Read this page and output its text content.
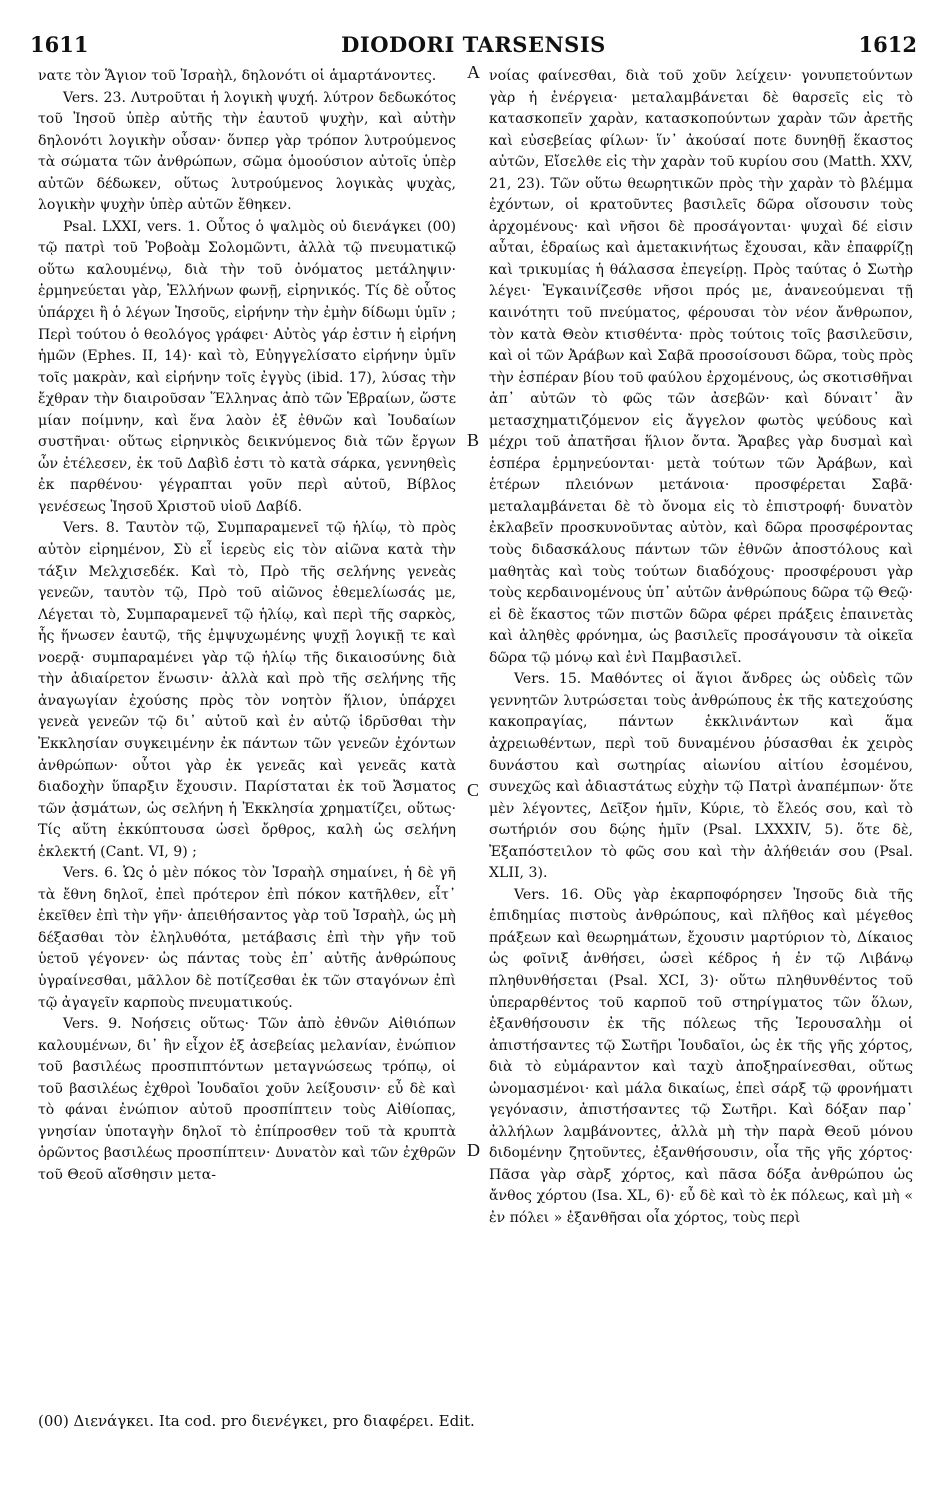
1611	DIODORI TARSENSIS	1612

νατε τὸν Ἅγιον τοῦ Ἰσραὴλ, δηλονότι οἱ ἁμαρτάνοντες.

Vers. 23. Λυτροῦται ἡ λογικὴ ψυχή. λύτρον δεδωκότος τοῦ Ἰησοῦ ὑπὲρ αὐτῆς τὴν ἑαυτοῦ ψυχὴν, καὶ αὐτὴν δηλονότι λογικὴν οὖσαν· ὅνπερ γὰρ τρόπον λυτρούμενος τὰ σώματα τῶν ἀνθρώπων, σῶμα ὁμοούσιον αὐτοῖς ὑπὲρ αὐτῶν δέδωκεν, οὕτως λυτρούμενος λογικὰς ψυχὰς, λογικὴν ψυχὴν ὑπὲρ αὐτῶν ἔθηκεν.

Psal. LXXI, vers. 1. Οὗτος ὁ ψαλμὸς οὐ διενάγκει (00) τῷ πατρὶ τοῦ Ῥοβοὰμ Σολομῶντι, ἀλλὰ τῷ πνευματικῷ οὕτω καλουμένῳ, διὰ τὴν τοῦ ὀνόματος μετάληψιν· ἑρμηνεύεται γὰρ, Ἑλλήνων φωνῇ, εἰρηνικός. Τίς δὲ οὗτος ὑπάρχει ἢ ὁ λέγων Ἰησοῦς, εἰρήνην τὴν ἐμὴν δίδωμι ὑμῖν ; Περὶ τούτου ὁ θεολόγος γράφει· Αὐτὸς γάρ ἐστιν ἡ εἰρήνη ἡμῶν (Ephes. II, 14)· καὶ τὸ, Εὐηγγελίσατο εἰρήνην ὑμῖν τοῖς μακρὰν, καὶ εἰρήνην τοῖς ἐγγὺς (ibid. 17), λύσας τὴν ἔχθραν τὴν διαιροῦσαν Ἕλληνας ἀπὸ τῶν Ἑβραίων, ὥστε μίαν ποίμνην, καὶ ἕνα λαὸν ἐξ ἐθνῶν καὶ Ἰουδαίων συστῆναι· οὕτως εἰρηνικὸς δεικνύμενος διὰ τῶν ἔργων ὧν ἐτέλεσεν, ἐκ τοῦ Δαβὶδ ἐστι τὸ κατὰ σάρκα, γεννηθεὶς ἐκ παρθένου· γέγραπται γοῦν περὶ αὐτοῦ, Βίβλος γενέσεως Ἰησοῦ Χριστοῦ υἱοῦ Δαβίδ.

Vers. 8. Ταυτὸν τῷ, Συμπαραμενεῖ τῷ ἡλίῳ, τὸ πρὸς αὐτὸν εἰρημένον, Σὺ εἶ ἱερεὺς εἰς τὸν αἰῶνα κατὰ τὴν τάξιν Μελχισεδέκ. Καὶ τὸ, Πρὸ τῆς σελήνης γενεὰς γενεῶν, ταυτὸν τῷ, Πρὸ τοῦ αἰῶνος ἐθεμελίωσάς με, Λέγεται τὸ, Συμπαραμενεῖ τῷ ἡλίῳ, καὶ περὶ τῆς σαρκὸς, ἧς ἥνωσεν ἑαυτῷ, τῆς ἐμψυχωμένης ψυχῇ λογικῇ τε καὶ νοερᾷ· συμπαραμένει γὰρ τῷ ἡλίῳ τῆς δικαιοσύνης διὰ τὴν ἀδιαίρετον ἕνωσιν· ἀλλὰ καὶ πρὸ τῆς σελήνης τῆς ἀναγωγίαν ἐχούσης πρὸς τὸν νοητὸν ἥλιον, ὑπάρχει γενεὰ γενεῶν τῷ δι᾿ αὐτοῦ καὶ ἐν αὐτῷ ἱδρῦσθαι τὴν Ἐκκλησίαν συγκειμένην ἐκ πάντων τῶν γενεῶν ἐχόντων ἀνθρώπων· οὗτοι γὰρ ἐκ γενεᾶς καὶ γενεᾶς κατὰ διαδοχὴν ὕπαρξιν ἔχουσιν. Παρίσταται ἐκ τοῦ Ἄσματος τῶν ᾀσμάτων, ὡς σελήνη ἡ Ἐκκλησία χρηματίζει, οὕτως· Τίς αὕτη ἐκκύπτουσα ὡσεὶ ὄρθρος, καλὴ ὡς σελήνη ἐκλεκτή (Cant. VI, 9) ;

Vers. 6. Ὡς ὁ μὲν πόκος τὸν Ἰσραὴλ σημαίνει, ἡ δὲ γῆ τὰ ἔθνη δηλοῖ, ἐπεὶ πρότερον ἐπὶ πόκον κατῆλθεν, εἶτ᾿ ἐκεῖθεν ἐπὶ τὴν γῆν· ἀπειθήσαντος γὰρ τοῦ Ἰσραὴλ, ὡς μὴ δέξασθαι τὸν ἐληλυθότα, μετάβασις ἐπὶ τὴν γῆν τοῦ ὑετοῦ γέγονεν· ὡς πάντας τοὺς ἐπ᾿ αὐτῆς ἀνθρώπους ὑγραίνεσθαι, μᾶλλον δὲ ποτίζεσθαι ἐκ τῶν σταγόνων ἐπὶ τῷ ἀγαγεῖν καρποὺς πνευματικούς.

Vers. 9. Νοήσεις οὕτως· Τῶν ἀπὸ ἐθνῶν Αἰθιόπων καλουμένων, δι᾿ ἣν εἶχον ἐξ ἀσεβείας μελανίαν, ἐνώπιον τοῦ βασιλέως προσπιπτόντων μεταγνώσεως τρόπῳ, οἱ τοῦ βασιλέως ἐχθροὶ Ἰουδαῖοι χοῦν λείξουσιν· εὖ δὲ καὶ τὸ φάναι ἐνώπιον αὐτοῦ προσπίπτειν τοὺς Αἰθίοπας, γνησίαν ὑποταγὴν δηλοῖ τὸ ἐπίπροσθεν τοῦ τὰ κρυπτὰ ὁρῶντος βασιλέως προσπίπτειν· Δυνατὸν καὶ τῶν ἐχθρῶν τοῦ Θεοῦ αἴσθησιν μετα-

A
B
C
D

νοίας φαίνεσθαι, διὰ τοῦ χοῦν λείχειν· γονυπετούντων γὰρ ἡ ἐνέργεια· μεταλαμβάνεται δὲ θαρσεῖς εἰς τὸ κατασκοπεῖν χαρὰν, κατασκοπούντων χαρὰν τῶν ἀρετῆς καὶ εὐσεβείας φίλων· ἵν᾿ ἀκούσαί ποτε δυνηθῇ ἕκαστος αὐτῶν, Εἴσελθε εἰς τὴν χαρὰν τοῦ κυρίου σου (Matth. XXV, 21, 23). Τῶν οὕτω θεωρητικῶν πρὸς τὴν χαρὰν τὸ βλέμμα ἐχόντων, οἱ κρατοῦντες βασιλεῖς δῶρα οἴσουσιν τοὺς ἀρχομένους· καὶ νῆσοι δὲ προσάγονται· ψυχαὶ δέ εἰσιν αὗται, ἑδραίως καὶ ἀμετακινήτως ἔχουσαι, κἂν ἐπαφρίζῃ καὶ τρικυμίας ἡ θάλασσα ἐπεγείρῃ. Πρὸς ταύτας ὁ Σωτὴρ λέγει· Ἐγκαινίζεσθε νῆσοι πρός με, ἀνανεούμεναι τῇ καινότητι τοῦ πνεύματος, φέρουσαι τὸν νέον ἄνθρωπον, τὸν κατὰ Θεὸν κτισθέντα· πρὸς τούτοις τοῖς βασιλεῦσιν, καὶ οἱ τῶν Ἀράβων καὶ Σαβᾶ προσοίσουσι δῶρα, τοὺς πρὸς τὴν ἑσπέραν βίου τοῦ φαύλου ἐρχομένους, ὡς σκοτισθῆναι ἀπ᾿ αὐτῶν τὸ φῶς τῶν ἀσεβῶν· καὶ δύναιτ᾿ ἂν μετασχηματιζόμενον εἰς ἄγγελον φωτὸς ψεύδους καὶ μέχρι τοῦ ἀπατῆσαι ἥλιον ὄντα. Ἄραβες γὰρ δυσμαὶ καὶ ἑσπέρα ἑρμηνεύονται· μετὰ τούτων τῶν Ἀράβων, καὶ ἑτέρων πλειόνων μετάνοια· προσφέρεται Σαβᾶ· μεταλαμβάνεται δὲ τὸ ὄνομα εἰς τὸ ἐπιστροφή· δυνατὸν ἐκλαβεῖν προσκυνοῦντας αὐτὸν, καὶ δῶρα προσφέροντας τοὺς διδασκάλους πάντων τῶν ἐθνῶν ἀποστόλους καὶ μαθητὰς καὶ τοὺς τούτων διαδόχους· προσφέρουσι γὰρ τοὺς κερδαινομένους ὑπ᾿ αὐτῶν ἀνθρώπους δῶρα τῷ Θεῷ· εἰ δὲ ἕκαστος τῶν πιστῶν δῶρα φέρει πράξεις ἐπαινετὰς καὶ ἀληθὲς φρόνημα, ὡς βασιλεῖς προσάγουσιν τὰ οἰκεῖα δῶρα τῷ μόνῳ καὶ ἑνὶ Παμβασιλεῖ.

Vers. 15. Μαθόντες οἱ ἅγιοι ἄνδρες ὡς οὐδεὶς τῶν γεννητῶν λυτρώσεται τοὺς ἀνθρώπους ἐκ τῆς κατεχούσης κακοπραγίας, πάντων ἐκκλινάντων καὶ ἅμα ἀχρειωθέντων, περὶ τοῦ δυναμένου ῥύσασθαι ἐκ χειρὸς δυνάστου καὶ σωτηρίας αἰωνίου αἰτίου ἐσομένου, συνεχῶς καὶ ἀδιαστάτως εὐχὴν τῷ Πατρὶ ἀναπέμπων· ὅτε μὲν λέγοντες, Δεῖξον ἡμῖν, Κύριε, τὸ ἔλεός σου, καὶ τὸ σωτήριόν σου δῴης ἡμῖν (Psal. LXXXIV, 5). ὅτε δὲ, Ἐξαπόστειλον τὸ φῶς σου καὶ τὴν ἀλήθειάν σου (Psal. XLII, 3).

Vers. 16. Οὓς γὰρ ἐκαρποφόρησεν Ἰησοῦς διὰ τῆς ἐπιδημίας πιστοὺς ἀνθρώπους, καὶ πλῆθος καὶ μέγεθος πράξεων καὶ θεωρημάτων, ἔχουσιν μαρτύριον τὸ, Δίκαιος ὡς φοῖνιξ ἀνθήσει, ὡσεὶ κέδρος ἡ ἐν τῷ Λιβάνῳ πληθυνθήσεται (Psal. XCI, 3)· οὕτω πληθυνθέντος τοῦ ὑπεραρθέντος τοῦ καρποῦ τοῦ στηρίγματος τῶν ὅλων, ἐξανθήσουσιν ἐκ τῆς πόλεως τῆς Ἱερουσαλὴμ οἱ ἀπιστήσαντες τῷ Σωτῆρι Ἰουδαῖοι, ὡς ἐκ τῆς γῆς χόρτος, διὰ τὸ εὐμάραντον καὶ ταχὺ ἀποξηραίνεσθαι, οὕτως ὠνομασμένοι· καὶ μάλα δικαίως, ἐπεὶ σάρξ τῷ φρονήματι γεγόνασιν, ἀπιστήσαντες τῷ Σωτῆρι. Καὶ δόξαν παρ᾿ ἀλλήλων λαμβάνοντες, ἀλλὰ μὴ τὴν παρὰ Θεοῦ μόνου διδομένην ζητοῦντες, ἐξανθήσουσιν, οἷα τῆς γῆς χόρτος· Πᾶσα γὰρ σὰρξ χόρτος, καὶ πᾶσα δόξα ἀνθρώπου ὡς ἄνθος χόρτου (Isa. XL, 6)· εὖ δὲ καὶ τὸ ἐκ πόλεως, καὶ μὴ « ἐν πόλει » ἐξανθῆσαι οἷα χόρτος, τοὺς περὶ

(00) Διενάγκει. Ita cod. pro διενέγκει, pro διαφέρει. Edit.
